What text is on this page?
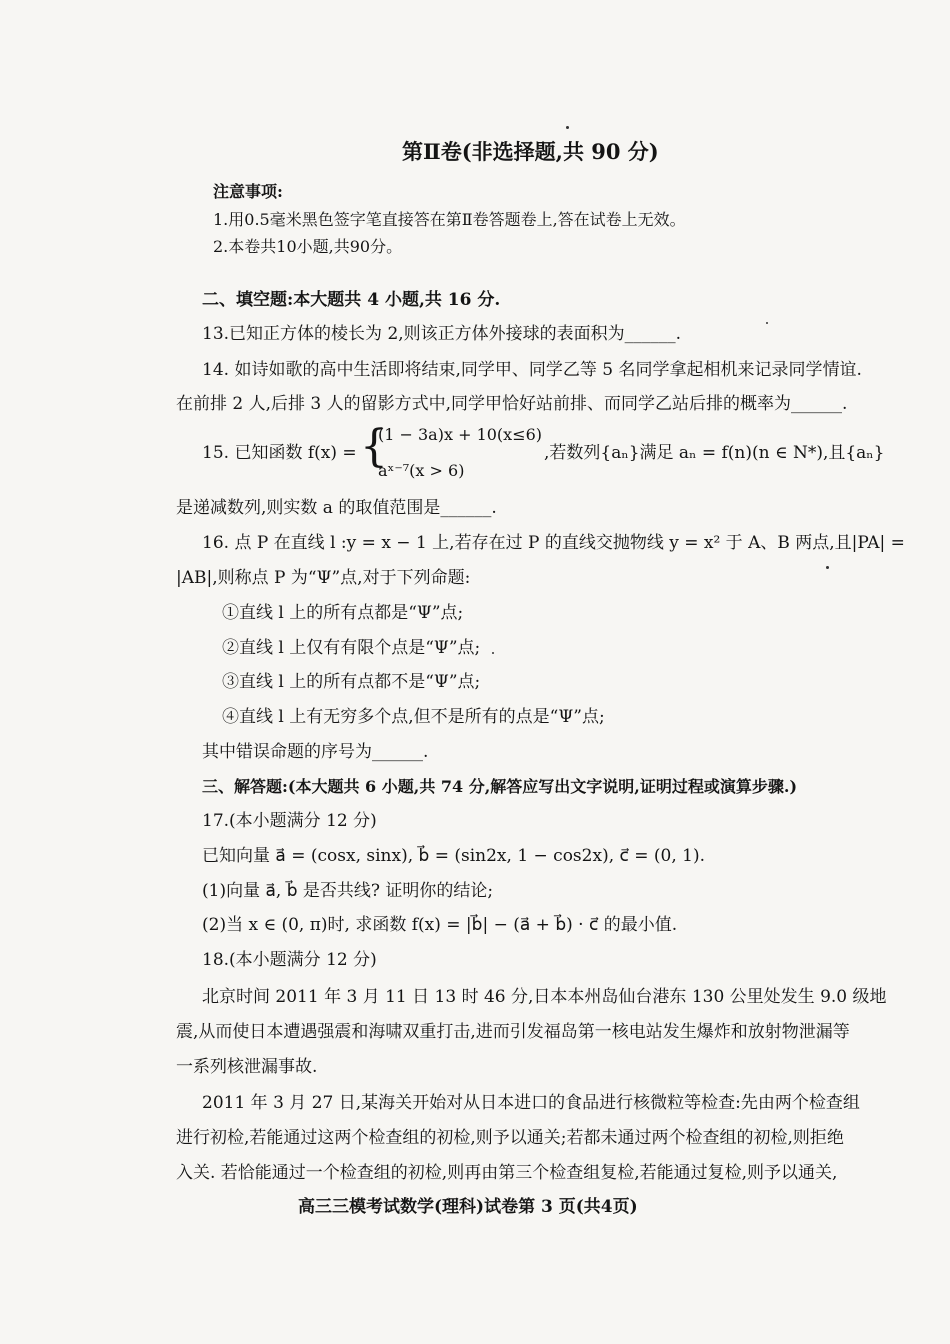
第Ⅱ卷(非选择题,共 90 分)
注意事项:
1.用0.5毫米黑色签字笔直接答在第Ⅱ卷答题卷上,答在试卷上无效。
2.本卷共10小题,共90分。
二、填空题:本大题共 4 小题,共 16 分.
13.已知正方体的棱长为 2,则该正方体外接球的表面积为______.
14. 如诗如歌的高中生活即将结束,同学甲、同学乙等 5 名同学拿起相机来记录同学情谊.
在前排 2 人,后排 3 人的留影方式中,同学甲恰好站前排、而同学乙站后排的概率为______.
15. 已知函数 f(x) = {
(1 − 3a)x + 10(x≤6)
aˣ⁻⁷(x > 6)
,若数列{aₙ}满足 aₙ = f(n)(n ∈ N*),且{aₙ}
是递减数列,则实数 a 的取值范围是______.
16. 点 P 在直线 l :y = x − 1 上,若存在过 P 的直线交抛物线 y = x² 于 A、B 两点,且|PA| =
|AB|,则称点 P 为“Ψ”点,对于下列命题:
①直线 l 上的所有点都是“Ψ”点;
②直线 l 上仅有有限个点是“Ψ”点;
③直线 l 上的所有点都不是“Ψ”点;
④直线 l 上有无穷多个点,但不是所有的点是“Ψ”点;
其中错误命题的序号为______.
三、解答题:(本大题共 6 小题,共 74 分,解答应写出文字说明,证明过程或演算步骤.)
17.(本小题满分 12 分)
已知向量 a⃗ = (cosx, sinx), b⃗ = (sin2x, 1 − cos2x), c⃗ = (0, 1).
(1)向量 a⃗, b⃗ 是否共线? 证明你的结论;
(2)当 x ∈ (0, π)时, 求函数 f(x) = |b⃗| − (a⃗ + b⃗) · c⃗ 的最小值.
18.(本小题满分 12 分)
北京时间 2011 年 3 月 11 日 13 时 46 分,日本本州岛仙台港东 130 公里处发生 9.0 级地
震,从而使日本遭遇强震和海啸双重打击,进而引发福岛第一核电站发生爆炸和放射物泄漏等
一系列核泄漏事故.
2011 年 3 月 27 日,某海关开始对从日本进口的食品进行核微粒等检查:先由两个检查组
进行初检,若能通过这两个检查组的初检,则予以通关;若都未通过两个检查组的初检,则拒绝
入关. 若恰能通过一个检查组的初检,则再由第三个检查组复检,若能通过复检,则予以通关,
高三三模考试数学(理科)试卷第 3 页(共4页)
